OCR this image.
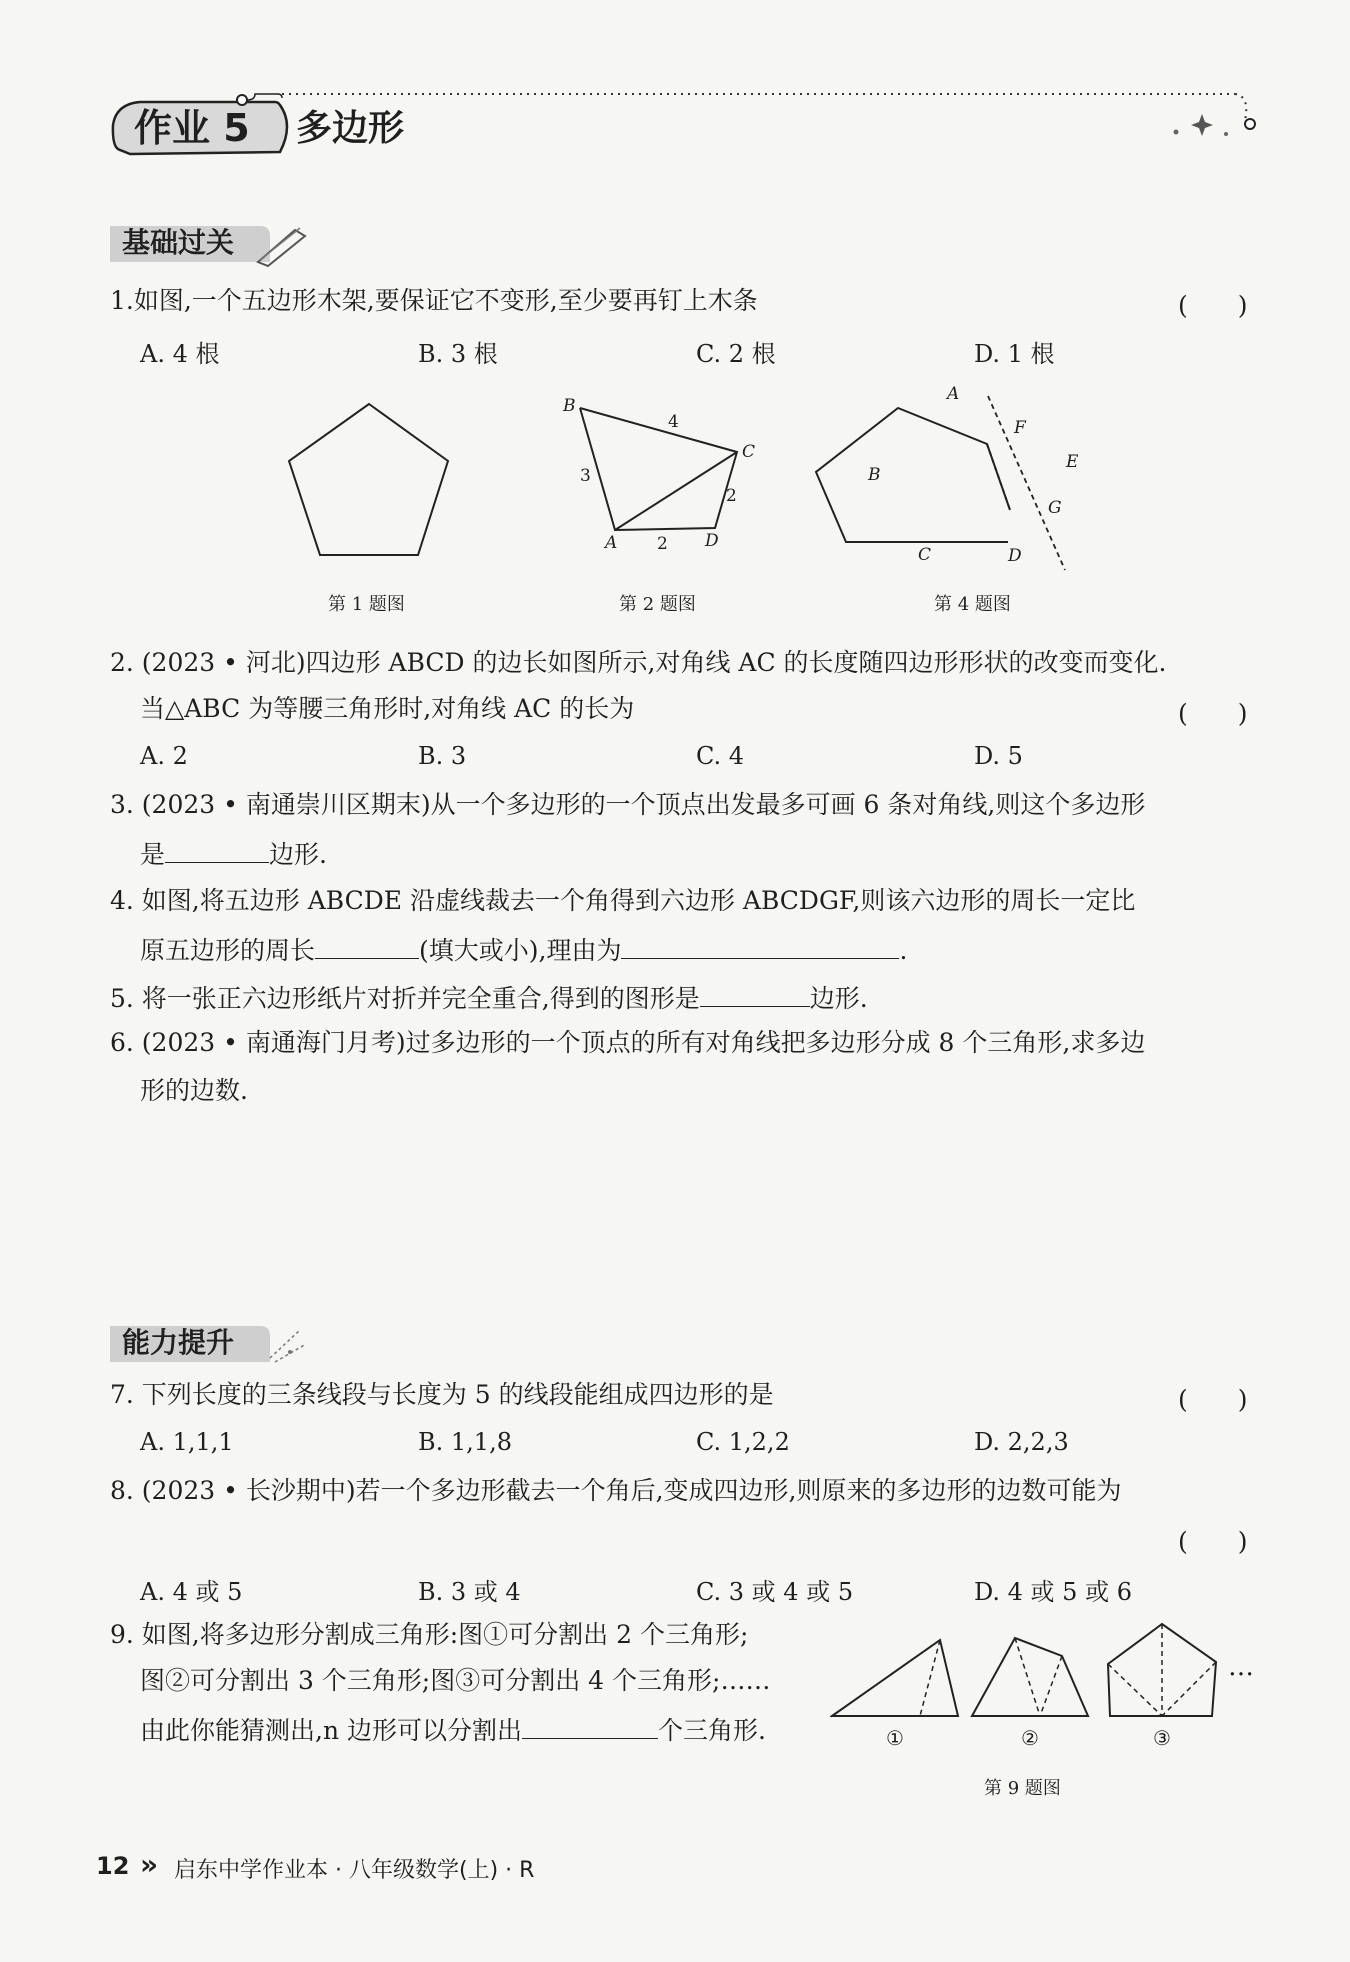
作业 5 多边形
基础过关
1.如图,一个五边形木架,要保证它不变形,至少要再钉上木条	(　　)
A. 4 根	B. 3 根	C. 2 根	D. 1 根
B
C
A	D
4
3
2
2
A
F
E
B
G
C	D
第 1 题图	第 2 题图	第 4 题图
2. (2023 • 河北)四边形 ABCD 的边长如图所示,对角线 AC 的长度随四边形形状的改变而变化.
当△ABC 为等腰三角形时,对角线 AC 的长为	(　　)
A. 2	B. 3	C. 4	D. 5
3. (2023 • 南通崇川区期末)从一个多边形的一个顶点出发最多可画 6 条对角线,则这个多边形
是	边形.
4. 如图,将五边形 ABCDE 沿虚线裁去一个角得到六边形 ABCDGF,则该六边形的周长一定比
原五边形的周长	(填大或小),理由为	.
5. 将一张正六边形纸片对折并完全重合,得到的图形是	边形.
6. (2023 • 南通海门月考)过多边形的一个顶点的所有对角线把多边形分成 8 个三角形,求多边
形的边数.
能力提升
7. 下列长度的三条线段与长度为 5 的线段能组成四边形的是	(　　)
A. 1,1,1	B. 1,1,8	C. 1,2,2	D. 2,2,3
8. (2023 • 长沙期中)若一个多边形截去一个角后,变成四边形,则原来的多边形的边数可能为
(　　)
A. 4 或 5	B. 3 或 4	C. 3 或 4 或 5	D. 4 或 5 或 6
9. 如图,将多边形分割成三角形:图①可分割出 2 个三角形;
图②可分割出 3 个三角形;图③可分割出 4 个三角形;……
由此你能猜测出,n 边形可以分割出	个三角形.
…
①	②	③
第 9 题图
12 » 启东中学作业本 · 八年级数学(上) · R
